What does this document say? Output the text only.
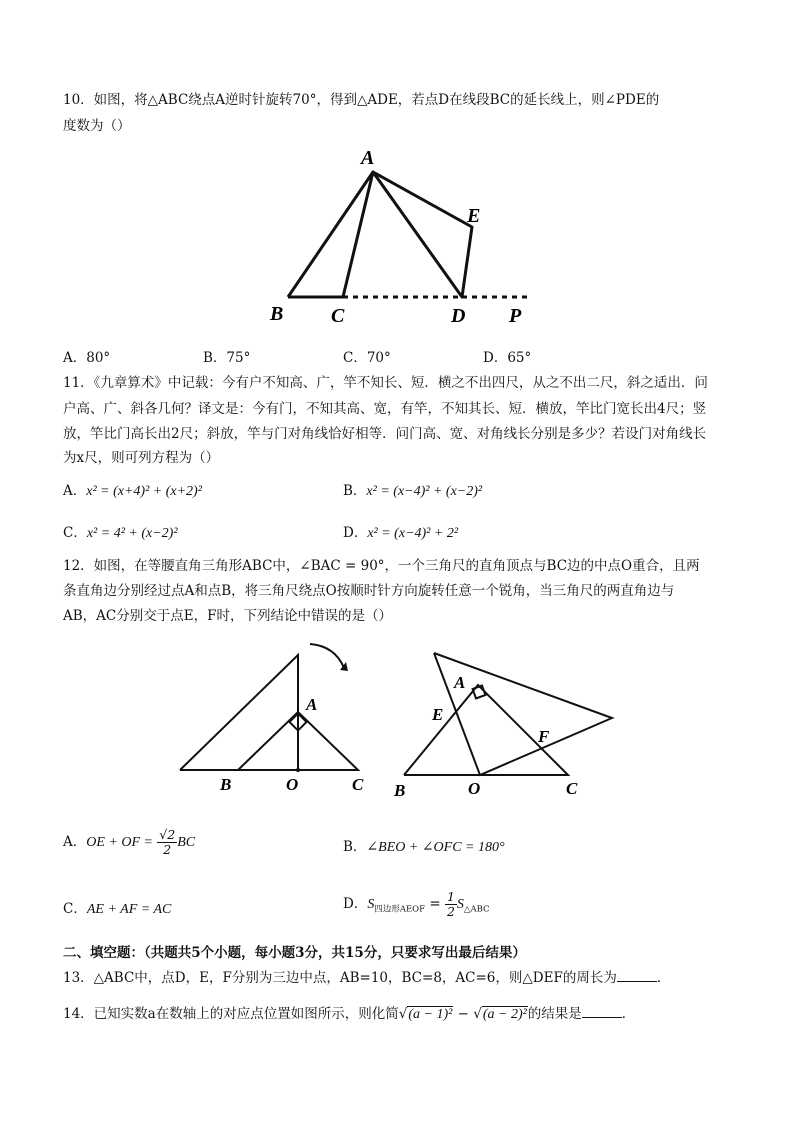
10．如图，将△ABC绕点A逆时针旋转70°，得到△ADE，若点D在线段BC的延长线上，则∠PDE的
度数为（）
A
E
B C	D P
A．80°	B．75°	C．70°	D．65°
11．《九章算术》中记载：今有户不知高、广，竿不知长、短．横之不出四尺，从之不出二尺，斜之适出．问
户高、广、斜各几何？译文是：今有门，不知其高、宽，有竿，不知其长、短．横放，竿比门宽长出4尺；竖
放，竿比门高长出2尺；斜放，竿与门对角线恰好相等．问门高、宽、对角线长分别是多少？若设门对角线长
为x尺，则可列方程为（）
A．x² = (x+4)² + (x+2)²	B．x² = (x−4)² + (x−2)²
C．x² = 4² + (x−2)²	D．x² = (x−4)² + 2²
12．如图，在等腰直角三角形ABC中，∠BAC = 90°，一个三角尺的直角顶点与BC边的中点O重合，且两
条直角边分别经过点A和点B，将三角尺绕点O按顺时针方向旋转任意一个锐角，当三角尺的两直角边与
AB，AC分别交于点E，F时，下列结论中错误的是（）
A
B	O	C
A
E
F
B	O	C
A．OE + OF = $\frac{√2}{2}$ BC	B．∠BEO + ∠OFC = 180°
C．AE + AF = AC	D．$S_{四边形AEOF} = \frac{1}{2} S_{\triangle ABC}$
二、填空题：（共题共5个小题，每小题3分，共15分，只要求写出最后结果）
13．△ABC中，点D，E，F分别为三边中点，AB=10，BC=8，AC=6，则△DEF的周长为	．
14．已知实数a在数轴上的对应点位置如图所示，则化简√(a − 1)² − √(a − 2)²的结果是	．
